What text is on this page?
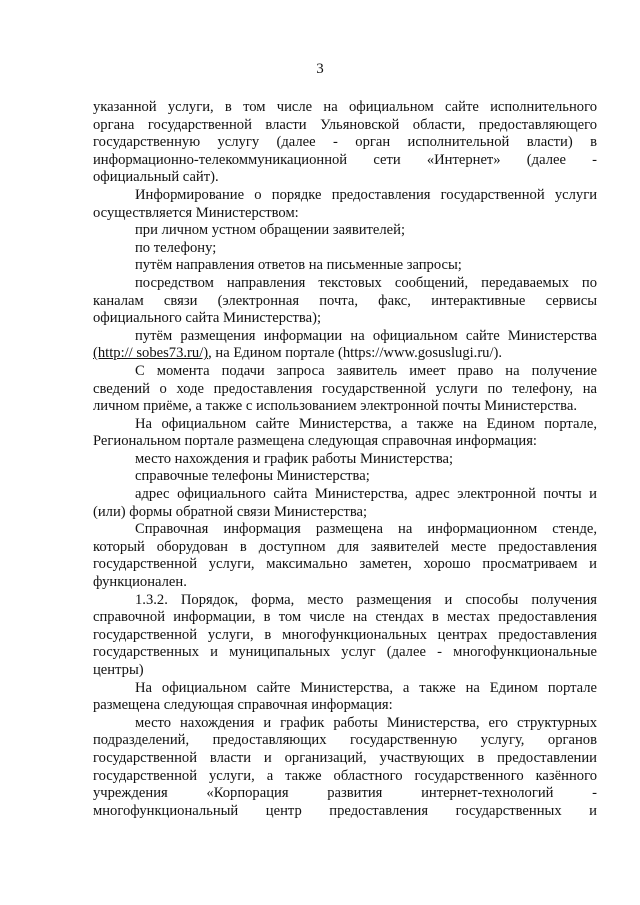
3
указанной услуги, в том числе на официальном сайте исполнительного
органа государственной власти Ульяновской области, предоставляющего
государственную услугу (далее - орган исполнительной власти) в
информационно-телекоммуникационной сети «Интернет» (далее -
официальный сайт).
Информирование о порядке предоставления государственной услуги
осуществляется Министерством:
при личном устном обращении заявителей;
по телефону;
путём направления ответов на письменные запросы;
посредством направления текстовых сообщений, передаваемых по
каналам связи (электронная почта, факс, интерактивные сервисы
официального сайта Министерства);
путём размещения информации на официальном сайте Министерства
(http:// sobes73.ru/), на Едином портале (https://www.gosuslugi.ru/).
С момента подачи запроса заявитель имеет право на получение
сведений о ходе предоставления государственной услуги по телефону, на
личном приёме, а также с использованием электронной почты Министерства.
На официальном сайте Министерства, а также на Едином портале,
Региональном портале размещена следующая справочная информация:
место нахождения и график работы Министерства;
справочные телефоны Министерства;
адрес официального сайта Министерства, адрес электронной почты и
(или) формы обратной связи Министерства;
Справочная информация размещена на информационном стенде,
который оборудован в доступном для заявителей месте предоставления
государственной услуги, максимально заметен, хорошо просматриваем и
функционален.
1.3.2. Порядок, форма, место размещения и способы получения
справочной информации, в том числе на стендах в местах предоставления
государственной услуги, в многофункциональных центрах предоставления
государственных и муниципальных услуг (далее - многофункциональные
центры)
На официальном сайте Министерства, а также на Едином портале
размещена следующая справочная информация:
место нахождения и график работы Министерства, его структурных
подразделений, предоставляющих государственную услугу, органов
государственной власти и организаций, участвующих в предоставлении
государственной услуги, а также областного государственного казённого
учреждения «Корпорация развития интернет-технологий -
многофункциональный центр предоставления государственных и
